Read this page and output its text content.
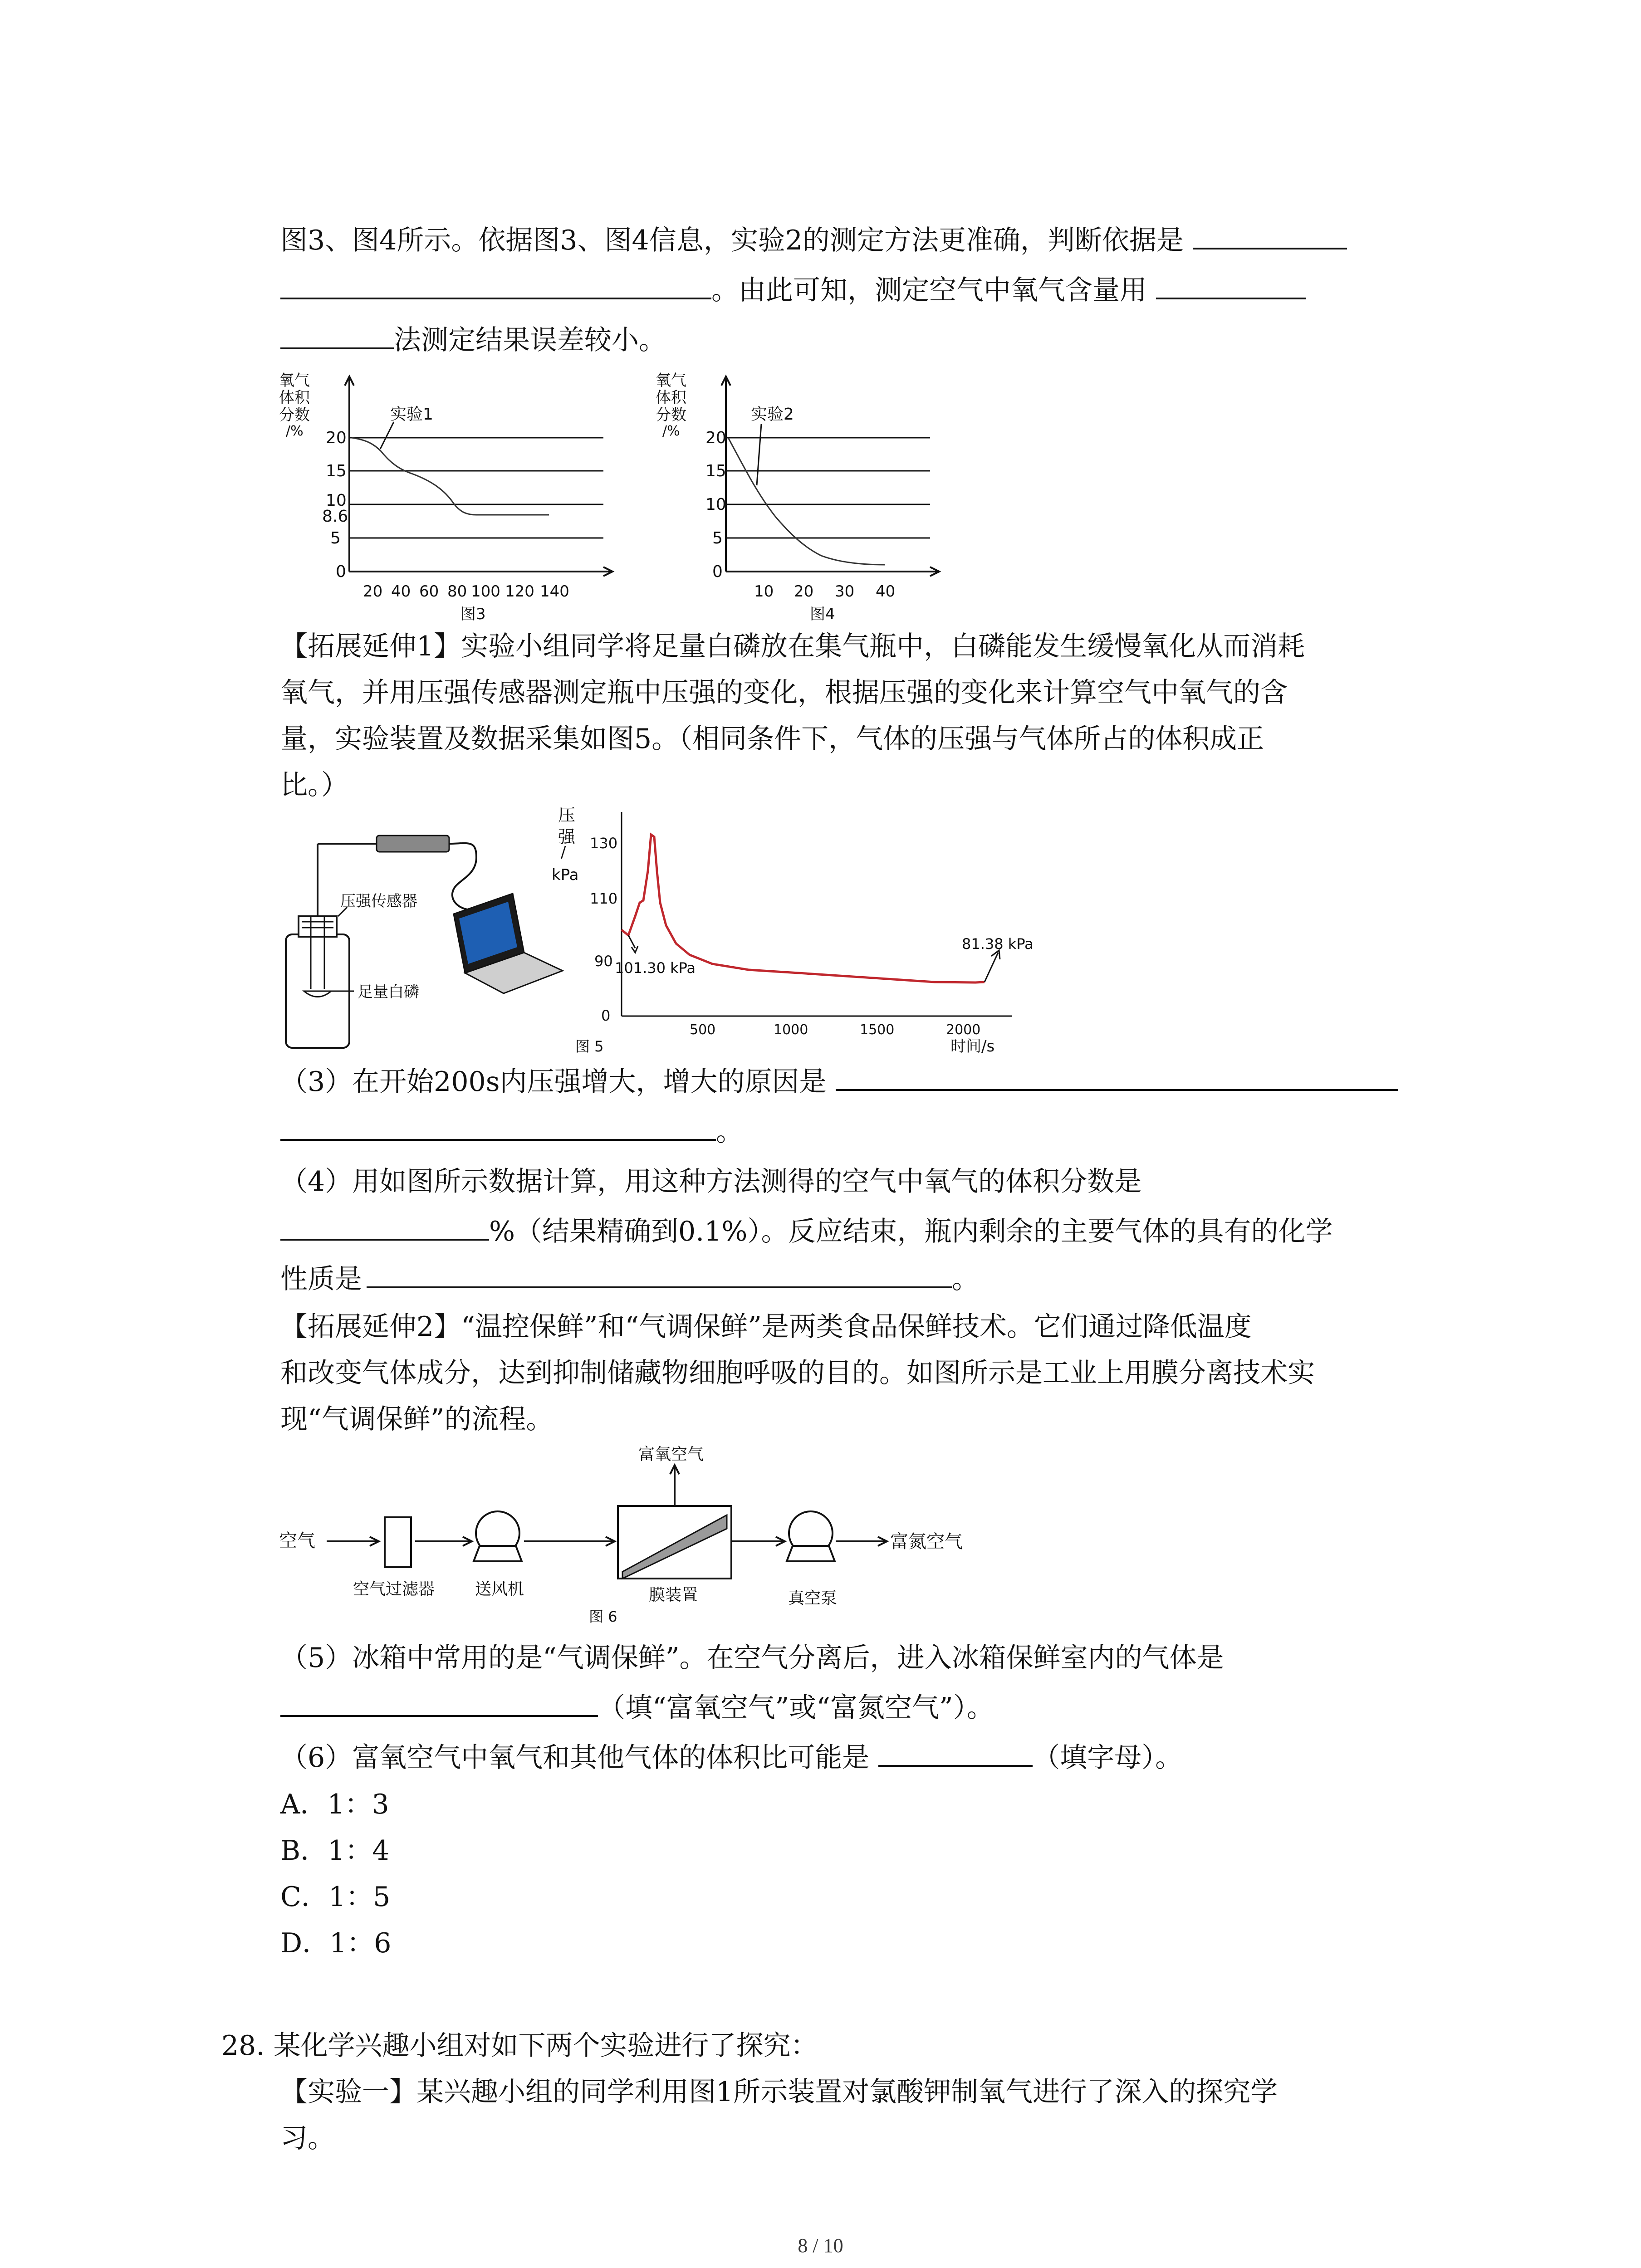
图3、图4所示。依据图3、图4信息，实验2的测定方法更准确，判断依据是
。由此可知，测定空气中氧气含量用
法测定结果误差较小。
氧气
体积
分数
/% 20
15
10
8.6
5
0
实验1
20 40 60 80 100 120 140
图3
氧气
体积
分数
/% 20
15
10
5
0
实验2
10 20 30 40
图4
【拓展延伸1】实验小组同学将足量白磷放在集气瓶中，白磷能发生缓慢氧化从而消耗
氧气，并用压强传感器测定瓶中压强的变化，根据压强的变化来计算空气中氧气的含
量，实验装置及数据采集如图5。（相同条件下，气体的压强与气体所占的体积成正
比。）
足量白磷
压强传感器
压
强
/
kPa
130
110
90
0
101.30 kPa
81.38 kPa
500	1000	1500	2000
时间/s
图 5
（3）在开始200s内压强增大，增大的原因是
。
（4）用如图所示数据计算，用这种方法测得的空气中氧气的体积分数是
%（结果精确到0.1%）。反应结束，瓶内剩余的主要气体的具有的化学
性质是	。
【拓展延伸2】“温控保鲜”和“气调保鲜”是两类食品保鲜技术。它们通过降低温度
和改变气体成分，达到抑制储藏物细胞呼吸的目的。如图所示是工业上用膜分离技术实
现“气调保鲜”的流程。
空气
空气过滤器 送风机	膜装置
富氧空气
真空泵
富氮空气
图 6
（5）冰箱中常用的是“气调保鲜”。在空气分离后，进入冰箱保鲜室内的气体是
（填“富氧空气”或“富氮空气”）。
（6）富氧空气中氧气和其他气体的体积比可能是	（填字母）。
A．1：3
B．1：4
C．1：5
D．1：6
28. 某化学兴趣小组对如下两个实验进行了探究：
【实验一】某兴趣小组的同学利用图1所示装置对氯酸钾制氧气进行了深入的探究学
习。
8 / 10
